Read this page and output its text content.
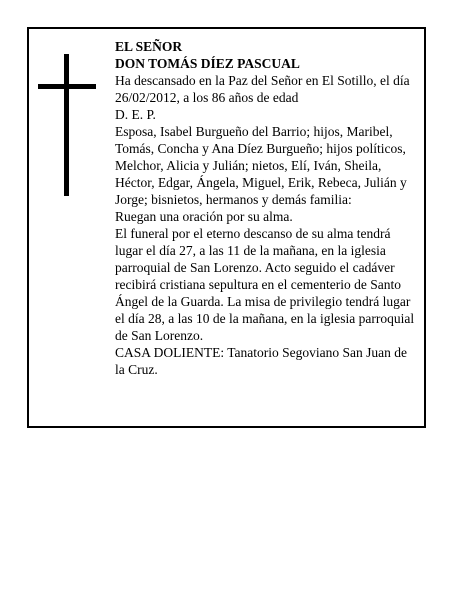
EL SEÑOR

DON TOMÁS DÍEZ PASCUAL

Ha descansado en la Paz del Señor en El Sotillo, el día 26/02/2012, a los 86 años de edad

D. E. P.

Esposa, Isabel Burgueño del Barrio; hijos, Maribel, Tomás, Concha y Ana Díez Burgueño; hijos políticos, Melchor, Alicia y Julián; nietos, Elí, Iván, Sheila, Héctor, Edgar, Ángela, Miguel, Erik, Rebeca, Julián y Jorge; bisnietos, hermanos y demás familia:

Ruegan una oración por su alma.

El funeral por el eterno descanso de su alma tendrá lugar el día 27, a las 11 de la mañana, en la iglesia parroquial de San Lorenzo. Acto seguido el cadáver recibirá cristiana sepultura en el cementerio de Santo Ángel de la Guarda. La misa de privilegio tendrá lugar el día 28, a las 10 de la mañana, en la iglesia parroquial de San Lorenzo.

CASA DOLIENTE: Tanatorio Segoviano San Juan de la Cruz.
